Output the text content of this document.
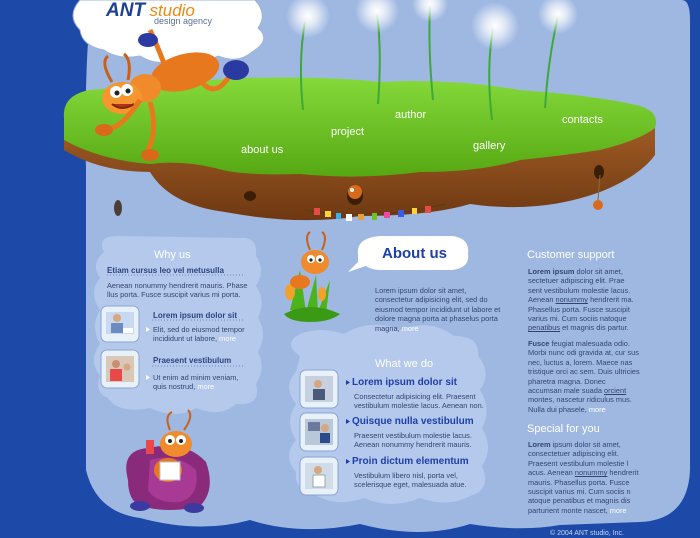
ANT studio
design agency
about us
project
author
gallery
contacts
Why us
Etiam cursus leo vel metusulla
Aenean nonummy hendrerit mauris. Phase llus porta. Fusce suscipit varius mi porta.
Lorem ipsum dolor sit
Elit, sed do eiusmod tempor incididunt ut labore, more
Praesent vestibulum
Ut enim ad minim veniam, quis nostrud, more
About us
Lorem ipsum dolor sit amet, consectetur adipisicing elit, sed do eiusmod tempor incididunt ut labore et dolore magna porta at phaselus porta magna, more
What we do
Lorem ipsum dolor sit
Consectetur adipisicing elit. Praesent vestibulum molestie lacus. Aenean non.
Quisque nulla vestibulum
Praesent vestibulum molestie lacus. Aenean nonummy hendrerit mauris.
Proin dictum elementum
Vestibulum libero nisl, porta vel, scelerisque eget, malesuada atue.
Customer support
Lorem ipsum dolor sit amet, sectetuer adipiscing elit. Prae sent vestibulum molestie lacus. Aenean nonummy hendrerit ma. Phasellus porta. Fusce suscipit varius mi. Cum sociis natoque penatibus et magnis dis partur.
Fusce feugiat malesuada odio. Morbi nunc odi gravida at, cur sus nec, luctus a, lorem. Maece nas tristique orci ac sem. Duis ultricies pharetra magna. Donec accumsan male suada orcient montes, nascetur ridiculus mus. Nulla dui phasele, more
Special for you
Lorem ipsum dolor sit amet, consectetuer adipiscing elit. Praesent vestibulum molestie l acus. Aenean nonummy hendrerit mauris. Phasellus porta. Fusce suscipit varius mi. Cum sociis n atoque penatibus et magnis dis parturient monte nascet, more
© 2004 ANT studio, Inc.
